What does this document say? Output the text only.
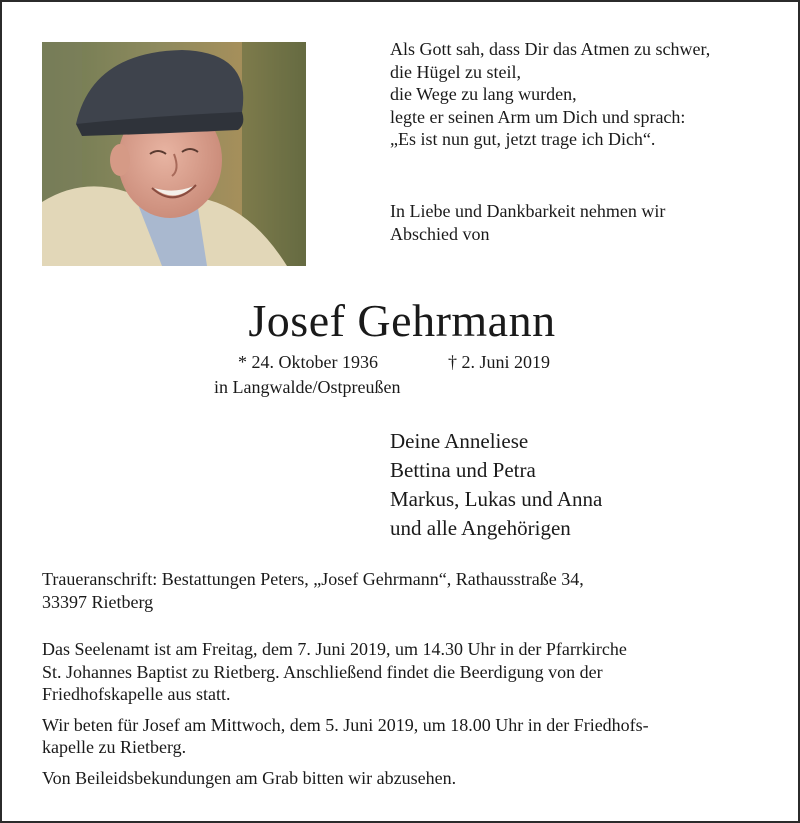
Als Gott sah, dass Dir das Atmen zu schwer,
die Hügel zu steil,
die Wege zu lang wurden,
legte er seinen Arm um Dich und sprach:
„Es ist nun gut, jetzt trage ich Dich“.
In Liebe und Dankbarkeit nehmen wir
Abschied von
Josef Gehrmann
* 24. Oktober 1936	† 2. Juni 2019
in Langwalde/Ostpreußen
Deine Anneliese
Bettina und Petra
Markus, Lukas und Anna
und alle Angehörigen
Traueranschrift: Bestattungen Peters, „Josef Gehrmann“, Rathausstraße 34,
33397 Rietberg
Das Seelenamt ist am Freitag, dem 7. Juni 2019, um 14.30 Uhr in der Pfarrkirche
St. Johannes Baptist zu Rietberg. Anschließend findet die Beerdigung von der
Friedhofskapelle aus statt.
Wir beten für Josef am Mittwoch, dem 5. Juni 2019, um 18.00 Uhr in der Friedhofs-
kapelle zu Rietberg.
Von Beileidsbekundungen am Grab bitten wir abzusehen.
